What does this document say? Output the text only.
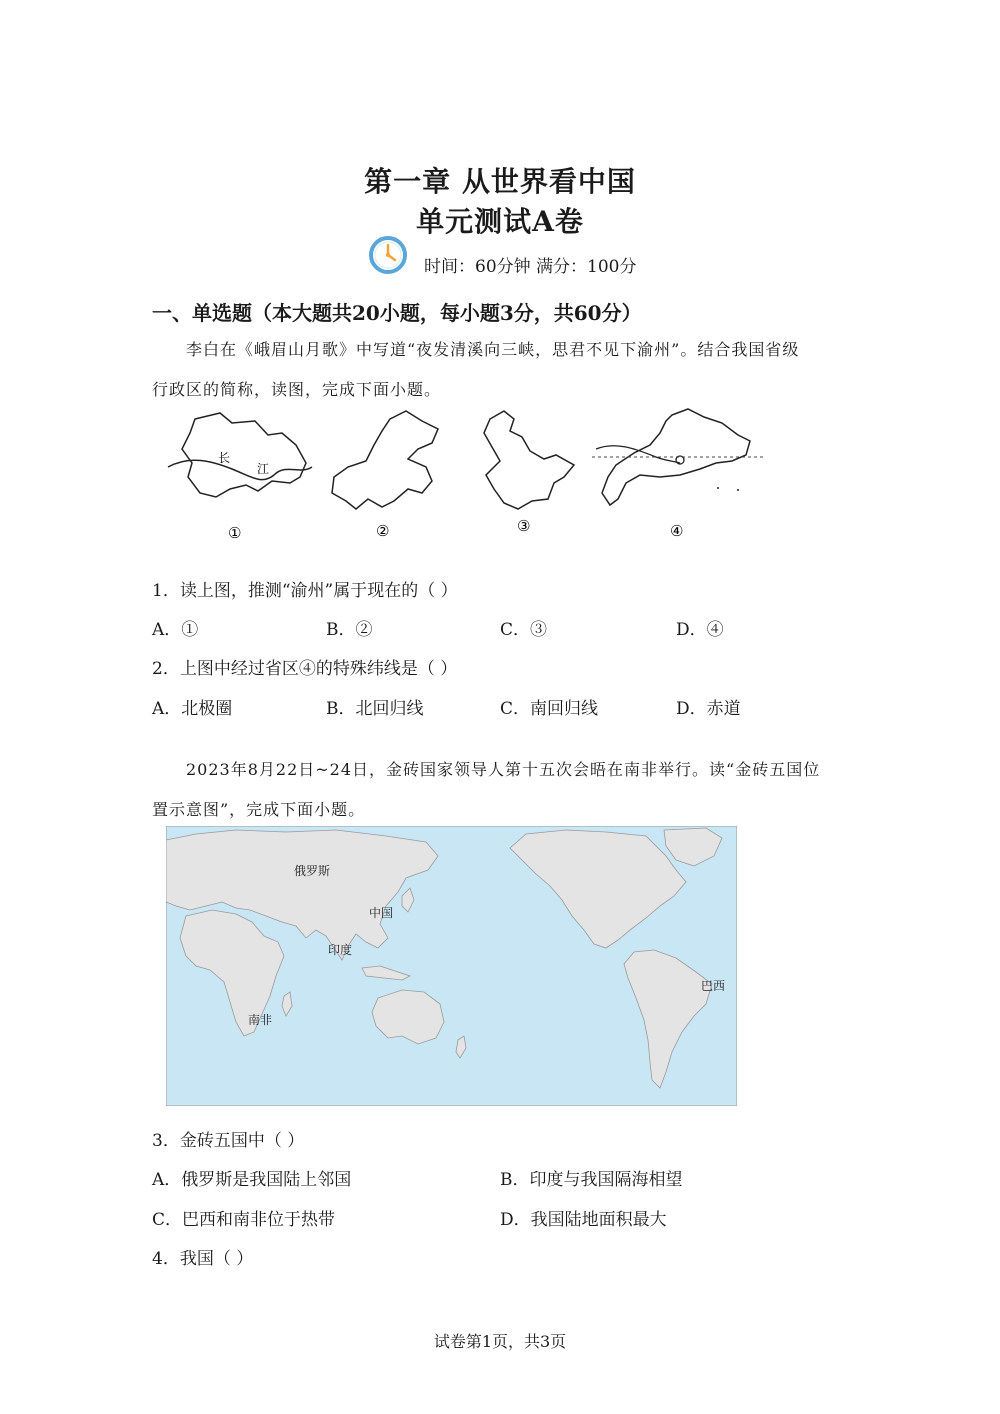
第一章 从世界看中国
单元测试A卷
时间：60分钟 满分：100分
一、单选题（本大题共20小题，每小题3分，共60分）
李白在《峨眉山月歌》中写道“夜发清溪向三峡，思君不见下渝州”。结合我国省级
行政区的简称，读图，完成下面小题。
长
江
①	②	③	④
1．读上图，推测“渝州”属于现在的（ ）
A．①	B．②	C．③	D．④
2．上图中经过省区④的特殊纬线是（ ）
A．北极圈	B．北回归线	C．南回归线	D．赤道
2023年8月22日~24日，金砖国家领导人第十五次会晤在南非举行。读“金砖五国位
置示意图”，完成下面小题。
俄罗斯
中国
印度
巴西
南非
3．金砖五国中（ ）
A．俄罗斯是我国陆上邻国	B．印度与我国隔海相望
C．巴西和南非位于热带	D．我国陆地面积最大
4．我国（ ）
试卷第1页，共3页
